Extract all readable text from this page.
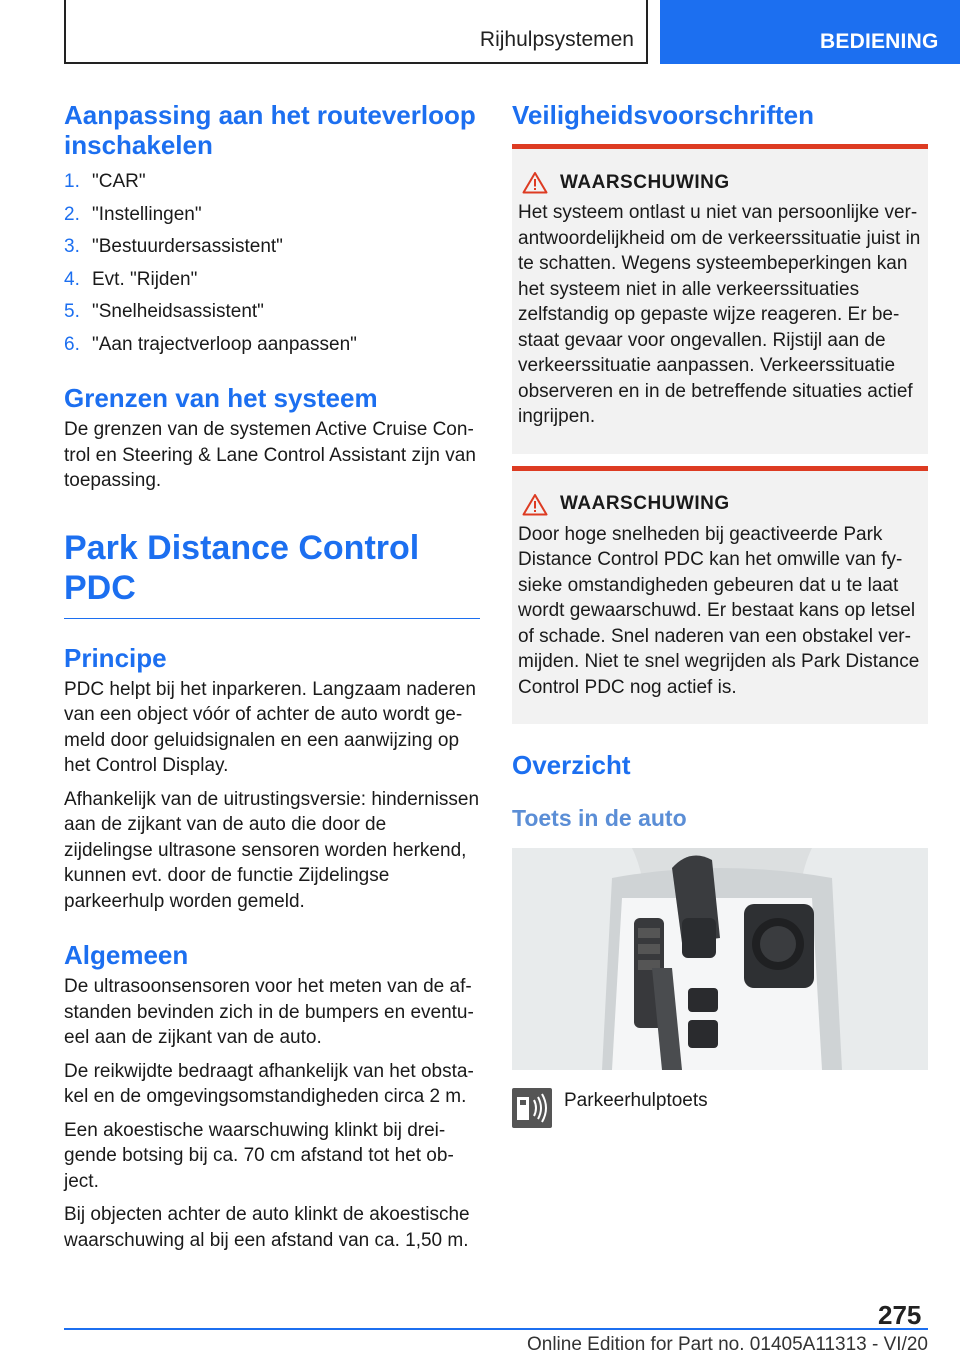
Rijhulpsystemen	BEDIENING
Aanpassing aan het routeverloop inschakelen
1. "CAR"
2. "Instellingen"
3. "Bestuurdersassistent"
4. Evt. "Rijden"
5. "Snelheidsassistent"
6. "Aan trajectverloop aanpassen"
Grenzen van het systeem

De grenzen van de systemen Active Cruise Control en Steering & Lane Control Assistant zijn van toepassing.

Park Distance Control PDC
Principe

PDC helpt bij het inparkeren. Langzaam naderen van een object vóór of achter de auto wordt gemeld door geluidsignalen en een aanwijzing op het Control Display.

Afhankelijk van de uitrustingsversie: hindernissen aan de zijkant van de auto die door de zijdelingse ultrasone sensoren worden herkend, kunnen evt. door de functie Zijdelingse parkeerhulp worden gemeld.

Algemeen

De ultrasoonsensoren voor het meten van de afstanden bevinden zich in de bumpers en eventueel aan de zijkant van de auto.

De reikwijdte bedraagt afhankelijk van het obstakel en de omgevingsomstandigheden circa 2 m.

Een akoestische waarschuwing klinkt bij dreigende botsing bij ca. 70 cm afstand tot het object.

Bij objecten achter de auto klinkt de akoestische waarschuwing al bij een afstand van ca. 1,50 m.

Veiligheidsvoorschriften
WAARSCHUWING

Het systeem ontlast u niet van persoonlijke verantwoordelijkheid om de verkeerssituatie juist in te schatten. Wegens systeembeperkingen kan het systeem niet in alle verkeerssituaties zelfstandig op gepaste wijze reageren. Er bestaat gevaar voor ongevallen. Rijstijl aan de verkeerssituatie aanpassen. Verkeerssituatie observeren en in de betreffende situaties actief ingrijpen.

WAARSCHUWING

Door hoge snelheden bij geactiveerde Park Distance Control PDC kan het omwille van fysieke omstandigheden gebeuren dat u te laat wordt gewaarschuwd. Er bestaat kans op letsel of schade. Snel naderen van een obstakel vermijden. Niet te snel wegrijden als Park Distance Control PDC nog actief is.

Overzicht
Toets in de auto
Parkeerhulptoets
275
Online Edition for Part no. 01405A11313 - VI/20
